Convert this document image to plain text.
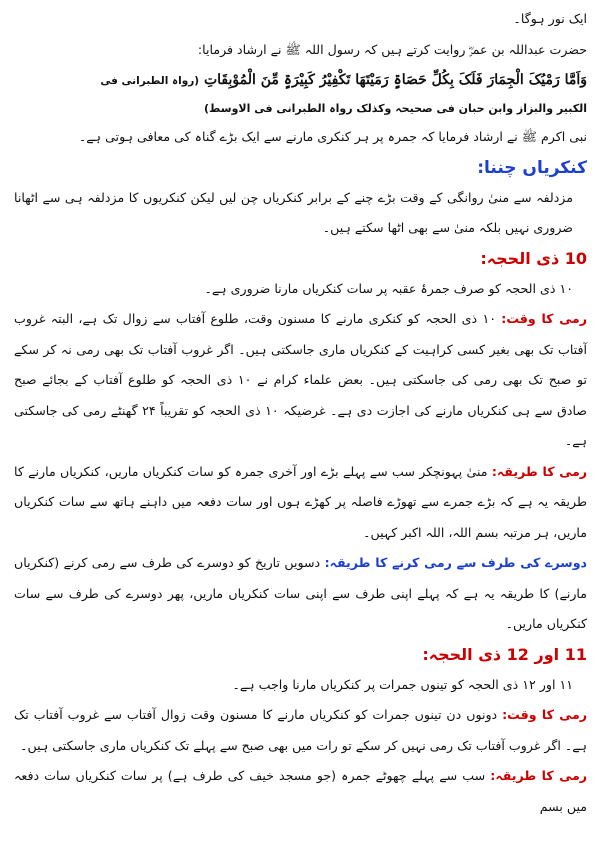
ایک نور ہوگا۔

حضرت عبداللہ بن عمرؓ روایت کرتے ہیں کہ رسول اللہ ﷺ نے ارشاد فرمایا:

وَاَمَّا رَمْیُکَ الْجِمَارَ فَلَکَ بِکُلِّ حَصَاۃٍ رَمَیْتَھَا تَکْفِیْرُ کَبِیْرَۃٍ مِّنَ الْمُوْبِقَاتِ (رواہ الطبرانی فی

الکبیر والبزاز وابن حبان فی صحیحہ وکذلک رواہ الطبرانی فی الاوسط)

نبی اکرم ﷺ نے ارشاد فرمایا کہ جمرہ پر ہر کنکری مارنے سے ایک بڑے گناہ کی معافی ہوتی ہے۔

کنکریاں چننا:

مزدلفہ سے منیٰ روانگی کے وقت بڑے چنے کے برابر کنکریاں چن لیں لیکن کنکریوں کا مزدلفہ ہی سے اٹھانا ضروری نہیں بلکہ منیٰ سے بھی اٹھا سکتے ہیں۔

10 ذی الحجہ:

۱۰ ذی الحجہ کو صرف جمرۂ عقبہ پر سات کنکریاں مارنا ضروری ہے۔

رمی کا وقت: ۱۰ ذی الحجہ کو کنکری مارنے کا مسنون وقت، طلوع آفتاب سے زوال تک ہے، البتہ غروب آفتاب تک بھی بغیر کسی کراہیت کے کنکریاں ماری جاسکتی ہیں۔ اگر غروب آفتاب تک بھی رمی نہ کر سکے تو صبح تک بھی رمی کی جاسکتی ہیں۔ بعض علماء کرام نے ۱۰ ذی الحجہ کو طلوع آفتاب کے بجائے صبح صادق سے ہی کنکریاں مارنے کی اجازت دی ہے۔ غرضیکہ ۱۰ ذی الحجہ کو تقریباً ۲۴ گھنٹے رمی کی جاسکتی ہے۔

رمی کا طریقہ: منیٰ پہونچکر سب سے پہلے بڑے اور آخری جمرہ کو سات کنکریاں ماریں، کنکریاں مارنے کا طریقہ یہ ہے کہ بڑے جمرے سے تھوڑے فاصلہ پر کھڑے ہوں اور سات دفعہ میں داہنے ہاتھ سے سات کنکریاں ماریں، ہر مرتبہ بسم اللہ، اللہ اکبر کہیں۔

دوسرے کی طرف سے رمی کرنے کا طریقہ: دسویں تاریخ کو دوسرے کی طرف سے رمی کرنے (کنکریاں مارنے) کا طریقہ یہ ہے کہ پہلے اپنی طرف سے اپنی سات کنکریاں ماریں، پھر دوسرے کی طرف سے سات کنکریاں ماریں۔

11 اور 12 ذی الحجہ:

۱۱ اور ۱۲ ذی الحجہ کو تینوں جمرات پر کنکریاں مارنا واجب ہے۔

رمی کا وقت: دونوں دن تینوں جمرات کو کنکریاں مارنے کا مسنون وقت زوال آفتاب سے غروب آفتاب تک ہے۔ اگر غروب آفتاب تک رمی نہیں کر سکے تو رات میں بھی صبح سے پہلے تک کنکریاں ماری جاسکتی ہیں۔

رمی کا طریقہ: سب سے پہلے چھوٹے جمرہ (جو مسجد خیف کی طرف ہے) پر سات کنکریاں سات دفعہ میں بسم
